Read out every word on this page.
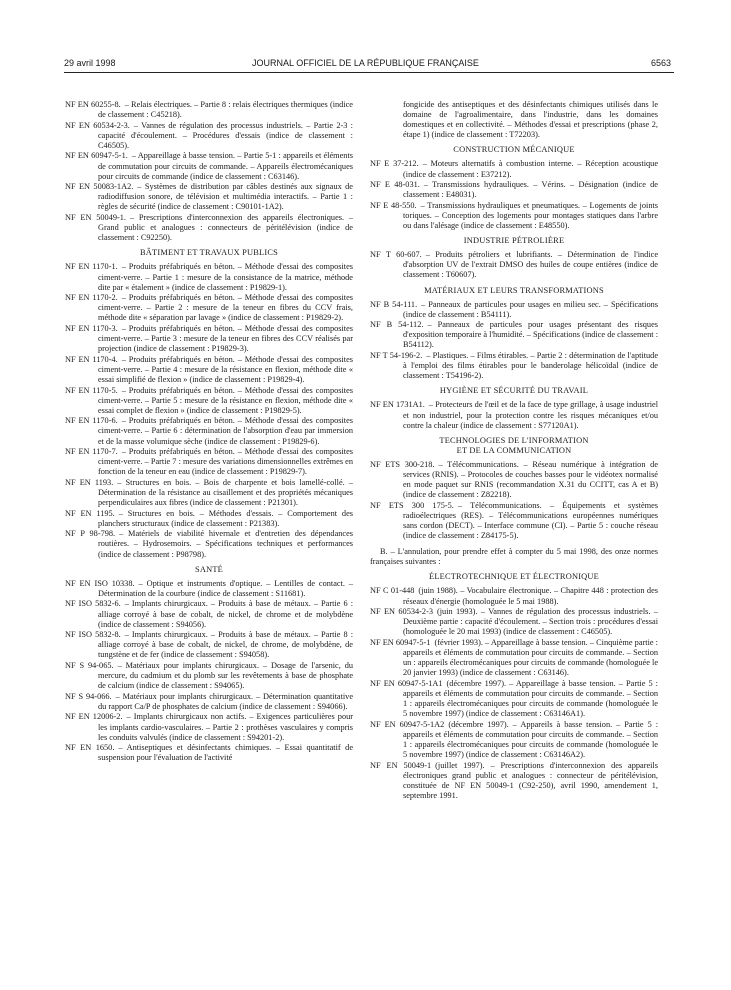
29 avril 1998	JOURNAL OFFICIEL DE LA RÉPUBLIQUE FRANÇAISE	6563
NF EN 60255-8. – Relais électriques. – Partie 8 : relais électriques thermiques (indice de classement : C45218).
NF EN 60534-2-3. – Vannes de régulation des processus industriels. – Partie 2-3 : capacité d'écoulement. – Procédures d'essais (indice de classement : C46505).
NF EN 60947-5-1. – Appareillage à basse tension. – Partie 5-1 : appareils et éléments de commutation pour circuits de commande. – Appareils électromécaniques pour circuits de commande (indice de classement : C63146).
NF EN 50083-1A2. – Systèmes de distribution par câbles destinés aux signaux de radiodiffusion sonore, de télévision et multimédia interactifs. – Partie 1 : règles de sécurité (indice de classement : C90101-1A2).
NF EN 50049-1. – Prescriptions d'interconnexion des appareils électroniques. – Grand public et analogues : connecteurs de péritélévision (indice de classement : C92250).
BÂTIMENT ET TRAVAUX PUBLICS
NF EN 1170-1. – Produits préfabriqués en béton. – Méthode d'essai des composites ciment-verre. – Partie 1 : mesure de la consistance de la matrice, méthode dite par « étalement » (indice de classement : P19829-1).
NF EN 1170-2. – Produits préfabriqués en béton. – Méthode d'essai des composites ciment-verre. – Partie 2 : mesure de la teneur en fibres du CCV frais, méthode dite « séparation par lavage » (indice de classement : P19829-2).
NF EN 1170-3. – Produits préfabriqués en béton. – Méthode d'essai des composites ciment-verre. – Partie 3 : mesure de la teneur en fibres des CCV réalisés par projection (indice de classement : P19829-3).
NF EN 1170-4. – Produits préfabriqués en béton. – Méthode d'essai des composites ciment-verre. – Partie 4 : mesure de la résistance en flexion, méthode dite « essai simplifié de flexion » (indice de classement : P19829-4).
NF EN 1170-5. – Produits préfabriqués en béton. – Méthode d'essai des composites ciment-verre. – Partie 5 : mesure de la résistance en flexion, méthode dite « essai complet de flexion » (indice de classement : P19829-5).
NF EN 1170-6. – Produits préfabriqués en béton. – Méthode d'essai des composites ciment-verre. – Partie 6 : détermination de l'absorption d'eau par immersion et de la masse volumique sèche (indice de classement : P19829-6).
NF EN 1170-7. – Produits préfabriqués en béton. – Méthode d'essai des composites ciment-verre. – Partie 7 : mesure des variations dimensionnelles extrêmes en fonction de la teneur en eau (indice de classement : P19829-7).
NF EN 1193. – Structures en bois. – Bois de charpente et bois lamellé-collé. – Détermination de la résistance au cisaillement et des propriétés mécaniques perpendiculaires aux fibres (indice de classement : P21301).
NF EN 1195. – Structures en bois. – Méthodes d'essais. – Comportement des planchers structuraux (indice de classement : P21383).
NF P 98-798. – Matériels de viabilité hivernale et d'entretien des dépendances routières. – Hydrosemoirs. – Spécifications techniques et performances (indice de classement : P98798).
SANTÉ
NF EN ISO 10338. – Optique et instruments d'optique. – Lentilles de contact. – Détermination de la courbure (indice de classement : S11681).
NF ISO 5832-6. – Implants chirurgicaux. – Produits à base de métaux. – Partie 6 : alliage corroyé à base de cobalt, de nickel, de chrome et de molybdène (indice de classement : S94056).
NF ISO 5832-8. – Implants chirurgicaux. – Produits à base de métaux. – Partie 8 : alliage corroyé à base de cobalt, de nickel, de chrome, de molybdène, de tungstène et de fer (indice de classement : S94058).
NF S 94-065. – Matériaux pour implants chirurgicaux. – Dosage de l'arsenic, du mercure, du cadmium et du plomb sur les revêtements à base de phosphate de calcium (indice de classement : S94065).
NF S 94-066. – Matériaux pour implants chirurgicaux. – Détermination quantitative du rapport Ca/P de phosphates de calcium (indice de classement : S94066).
NF EN 12006-2. – Implants chirurgicaux non actifs. – Exigences particulières pour les implants cardio-vasculaires. – Partie 2 : prothèses vasculaires y compris les conduits valvulés (indice de classement : S94201-2).
NF EN 1650. – Antiseptiques et désinfectants chimiques. – Essai quantitatif de suspension pour l'évaluation de l'activité
fongicide des antiseptiques et des désinfectants chimiques utilisés dans le domaine de l'agroalimentaire, dans l'industrie, dans les domaines domestiques et en collectivité. – Méthodes d'essai et prescriptions (phase 2, étape 1) (indice de classement : T72203).
CONSTRUCTION MÉCANIQUE
NF E 37-212. – Moteurs alternatifs à combustion interne. – Réception acoustique (indice de classement : E37212).
NF E 48-031. – Transmissions hydrauliques. – Vérins. – Désignation (indice de classement : E48031).
NF E 48-550. – Transmissions hydrauliques et pneumatiques. – Logements de joints toriques. – Conception des logements pour montages statiques dans l'arbre ou dans l'alésage (indice de classement : E48550).
INDUSTRIE PÉTROLIÈRE
NF T 60-607. – Produits pétroliers et lubrifiants. – Détermination de l'indice d'absorption UV de l'extrait DMSO des huiles de coupe entières (indice de classement : T60607).
MATÉRIAUX ET LEURS TRANSFORMATIONS
NF B 54-111. – Panneaux de particules pour usages en milieu sec. – Spécifications (indice de classement : B54111).
NF B 54-112. – Panneaux de particules pour usages présentant des risques d'exposition temporaire à l'humidité. – Spécifications (indice de classement : B54112).
NF T 54-196-2. – Plastiques. – Films étirables. – Partie 2 : détermination de l'aptitude à l'emploi des films étirables pour le banderolage hélicoïdal (indice de classement : T54196-2).
HYGIÈNE ET SÉCURITÉ DU TRAVAIL
NF EN 1731A1. – Protecteurs de l'œil et de la face de type grillage, à usage industriel et non industriel, pour la protection contre les risques mécaniques et/ou contre la chaleur (indice de classement : S77120A1).
TECHNOLOGIES DE L'INFORMATION
ET DE LA COMMUNICATION
NF ETS 300-218. – Télécommunications. – Réseau numérique à intégration de services (RNIS). – Protocoles de couches basses pour le vidéotex normalisé en mode paquet sur RNIS (recommandation X.31 du CCITT, cas A et B) (indice de classement : Z82218).
NF ETS 300 175-5. – Télécommunications. – Équipements et systèmes radioélectriques (RES). – Télécommunications européennes numériques sans cordon (DECT). – Interface commune (CI). – Partie 5 : couche réseau (indice de classement : Z84175-5).
B. – L'annulation, pour prendre effet à compter du 5 mai 1998, des onze normes françaises suivantes :
ÉLECTROTECHNIQUE ET ÉLECTRONIQUE
NF C 01-448 (juin 1988). – Vocabulaire électronique. – Chapitre 448 : protection des réseaux d'énergie (homologuée le 5 mai 1988).
NF EN 60534-2-3 (juin 1993). – Vannes de régulation des processus industriels. – Deuxième partie : capacité d'écoulement. – Section trois : procédures d'essai (homologuée le 20 mai 1993) (indice de classement : C46505).
NF EN 60947-5-1 (février 1993). – Appareillage à basse tension. – Cinquième partie : appareils et éléments de commutation pour circuits de commande. – Section un : appareils électromécaniques pour circuits de commande (homologuée le 20 janvier 1993) (indice de classement : C63146).
NF EN 60947-5-1A1 (décembre 1997). – Appareillage à basse tension. – Partie 5 : appareils et éléments de commutation pour circuits de commande. – Section 1 : appareils électromécaniques pour circuits de commande (homologuée le 5 novembre 1997) (indice de classement : C63146A1).
NF EN 60947-5-1A2 (décembre 1997). – Appareils à basse tension. – Partie 5 : appareils et éléments de commutation pour circuits de commande. – Section 1 : appareils électromécaniques pour circuits de commande (homologuée le 5 novembre 1997) (indice de classement : C63146A2).
NF EN 50049-1 (juillet 1997). – Prescriptions d'interconnexion des appareils électroniques grand public et analogues : connecteur de péritélévision, constituée de NF EN 50049-1 (C92-250), avril 1990, amendement 1, septembre 1991.
